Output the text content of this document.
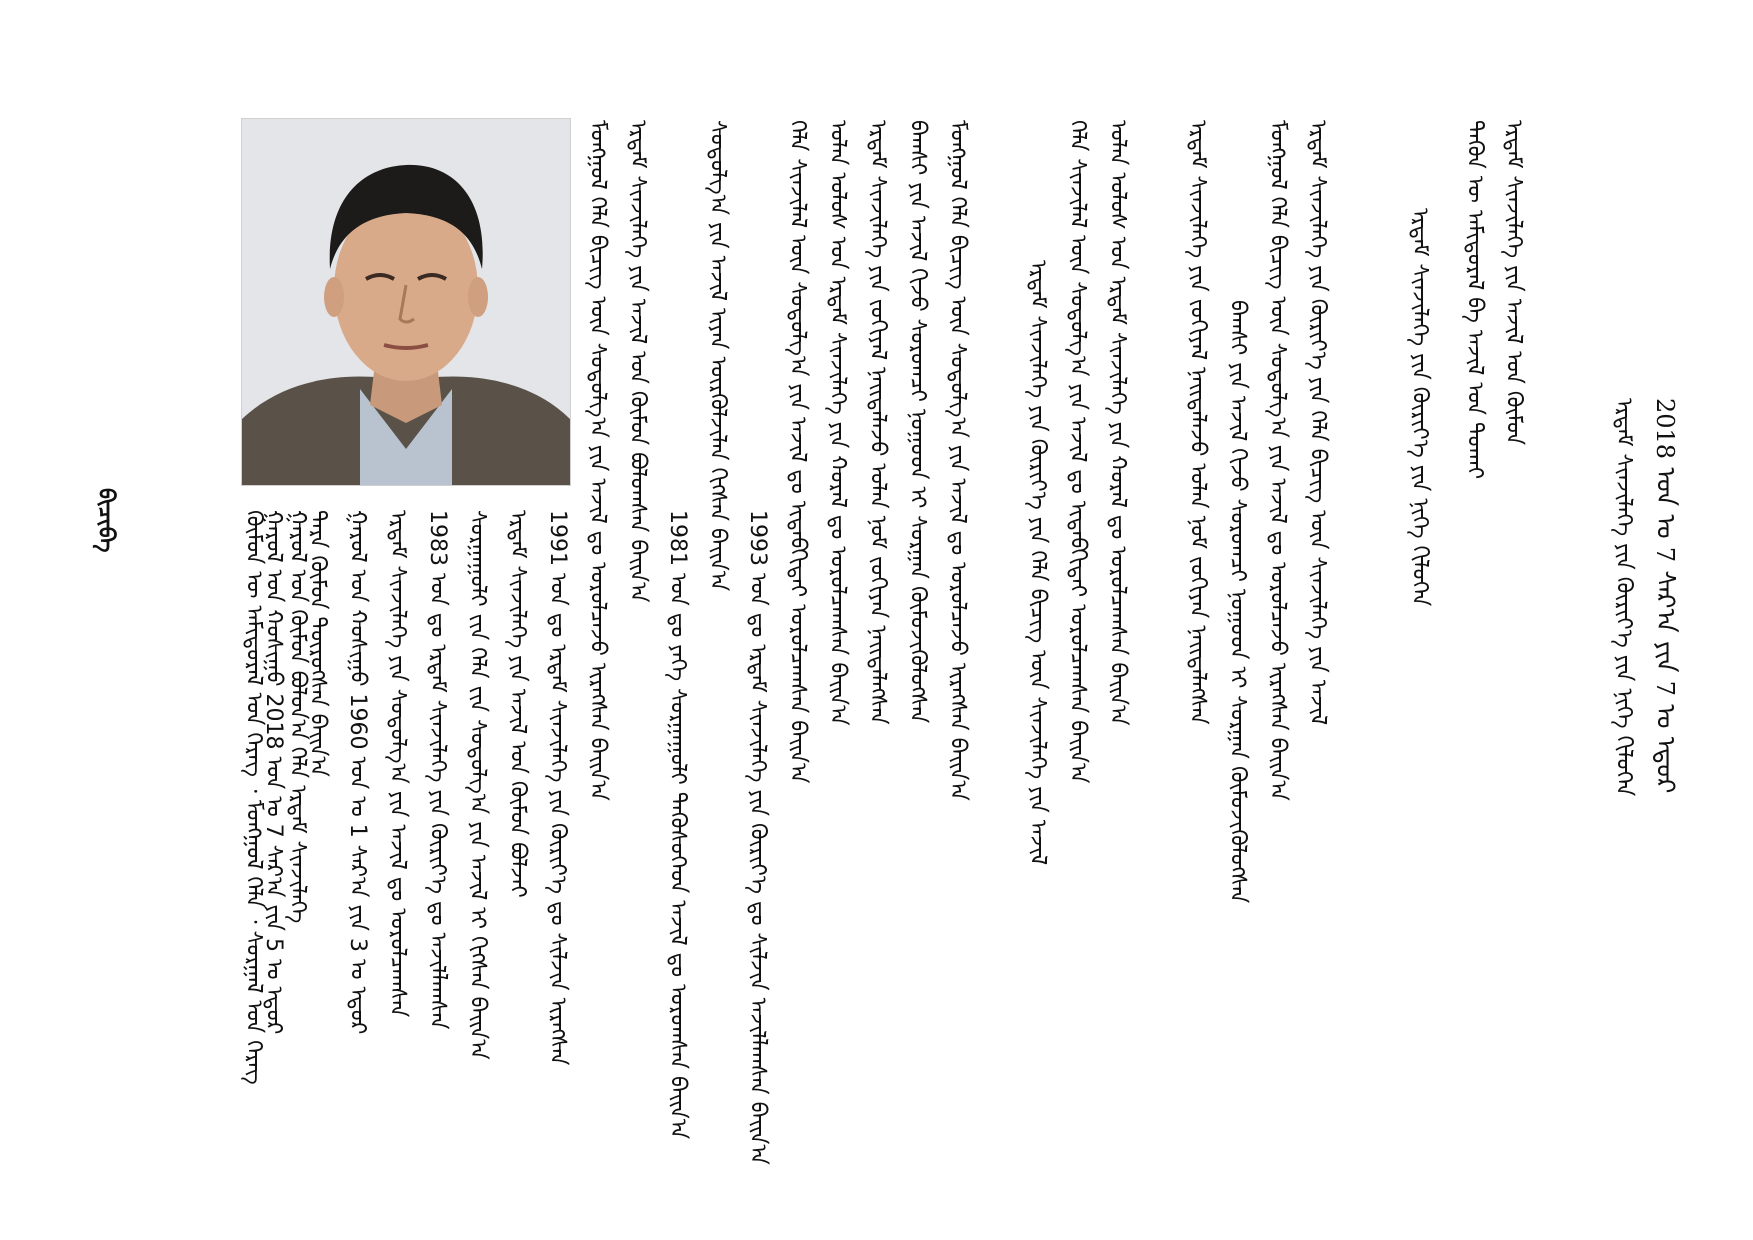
2018 ᠣᠨ ᠤ 7 ᠰᠠᠷ᠎ᠠ ᠶᠢᠨ 7 ᠤ ᠡᠳᠦᠷ
ᠡᠷᠳᠡᠮ ᠰᠢᠨᠵᠢᠯᠡᠭᠡ ᠶᠢᠨ ᠬᠦᠷᠢᠶ᠎ᠡ ᠶᠢᠨ ᠨᠢᠭᠡ ᠬᠢᠯᠦᠭᠡᠨ
ᠡᠷᠳᠡᠮ ᠰᠢᠨᠵᠢᠯᠡᠭᠡ ᠶᠢᠨ ᠠᠵᠢᠯ ᠤᠨ ᠬᠦᠮᠦᠨ
ᠲᠡᠭᠦᠨ ᠦ ᠠᠮᠢᠳᠤᠷᠠᠯ ᠪᠠ ᠠᠵᠢᠯ ᠤᠨ ᠲᠤᠬᠠᠢ
ᠡᠷᠳᠡᠮ ᠰᠢᠨᠵᠢᠯᠡᠭᠡ ᠶᠢᠨ ᠬᠦᠷᠢᠶ᠎ᠡ ᠶᠢᠨ ᠨᠢᠭᠡ ᠬᠢᠯᠦᠭᠡᠨ
ᠡᠷᠳᠡᠮ ᠰᠢᠨᠵᠢᠯᠡᠭᠡ ᠶᠢᠨ ᠬᠦᠷᠢᠶ᠎ᠡ ᠶᠢᠨ ᠬᠡᠯᠡ ᠪᠢᠴᠢᠭ ᠦᠨ ᠰᠢᠨᠵᠢᠯᠡᠭᠡ ᠶᠢᠨ ᠠᠵᠢᠯ
ᠮᠣᠩᠭᠣᠯ ᠬᠡᠯᠡ ᠪᠢᠴᠢᠭ ᠦᠨ ᠰᠤᠳᠤᠯᠭ᠎ᠠ ᠶᠢᠨ ᠠᠵᠢᠯ ᠳᠤ ᠣᠷᠣᠯᠴᠠᠵᠤ ᠢᠷᠡᠭᠰᠡᠨ ᠪᠠᠢᠨ᠎ᠠ
ᠪᠠᠭᠰᠢ ᠶᠢᠨ ᠠᠵᠢᠯ ᠬᠢᠵᠦ ᠰᠤᠷᠤᠭᠴᠢ ᠨᠤᠭᠤᠳ ᠢ ᠰᠤᠷᠭᠠᠨ ᠬᠦᠮᠦᠵᠢᠭᠦᠯᠦᠭᠰᠡᠨ
ᠡᠷᠳᠡᠮ ᠰᠢᠨᠵᠢᠯᠡᠭᠡ ᠶᠢᠨ ᠵᠣᠬᠢᠶᠠᠯ ᠨᠡᠢᠲᠡᠯᠡᠵᠦ ᠣᠯᠠᠨ ᠨᠣᠮ ᠵᠣᠬᠢᠶᠠᠨ ᠨᠡᠢᠲᠡᠯᠡᠭᠰᠡᠨ
ᠣᠯᠠᠨ ᠤᠯᠤᠰ ᠤᠨ ᠡᠷᠳᠡᠮ ᠰᠢᠨᠵᠢᠯᠡᠭᠡ ᠶᠢᠨ ᠬᠤᠷᠠᠯ ᠳᠤ ᠣᠷᠣᠯᠴᠠᠭᠰᠠᠨ ᠪᠠᠢᠨ᠎ᠠ
ᠬᠡᠯᠡ ᠰᠢᠨᠵᠢᠯᠡᠯ ᠦᠨ ᠰᠤᠳᠤᠯᠭ᠎ᠠ ᠶᠢᠨ ᠠᠵᠢᠯ ᠳᠤ ᠢᠳᠡᠪᠬᠢᠲᠡᠢ ᠣᠷᠣᠯᠴᠠᠭᠰᠠᠨ ᠪᠠᠢᠨ᠎ᠠ
ᠡᠷᠳᠡᠮ ᠰᠢᠨᠵᠢᠯᠡᠭᠡ ᠶᠢᠨ ᠬᠦᠷᠢᠶ᠎ᠡ ᠶᠢᠨ ᠬᠡᠯᠡ ᠪᠢᠴᠢᠭ ᠦᠨ ᠰᠢᠨᠵᠢᠯᠡᠭᠡ ᠶᠢᠨ ᠠᠵᠢᠯ
ᠮᠣᠩᠭᠣᠯ ᠬᠡᠯᠡ ᠪᠢᠴᠢᠭ ᠦᠨ ᠰᠤᠳᠤᠯᠭ᠎ᠠ ᠶᠢᠨ ᠠᠵᠢᠯ ᠳᠤ ᠣᠷᠣᠯᠴᠠᠵᠤ ᠢᠷᠡᠭᠰᠡᠨ ᠪᠠᠢᠨ᠎ᠠ
ᠪᠠᠭᠰᠢ ᠶᠢᠨ ᠠᠵᠢᠯ ᠬᠢᠵᠦ ᠰᠤᠷᠤᠭᠴᠢ ᠨᠤᠭᠤᠳ ᠢ ᠰᠤᠷᠭᠠᠨ ᠬᠦᠮᠦᠵᠢᠭᠦᠯᠦᠭᠰᠡᠨ
ᠡᠷᠳᠡᠮ ᠰᠢᠨᠵᠢᠯᠡᠭᠡ ᠶᠢᠨ ᠵᠣᠬᠢᠶᠠᠯ ᠨᠡᠢᠲᠡᠯᠡᠵᠦ ᠣᠯᠠᠨ ᠨᠣᠮ ᠵᠣᠬᠢᠶᠠᠨ ᠨᠡᠢᠲᠡᠯᠡᠭᠰᠡᠨ
ᠣᠯᠠᠨ ᠤᠯᠤᠰ ᠤᠨ ᠡᠷᠳᠡᠮ ᠰᠢᠨᠵᠢᠯᠡᠭᠡ ᠶᠢᠨ ᠬᠤᠷᠠᠯ ᠳᠤ ᠣᠷᠣᠯᠴᠠᠭᠰᠠᠨ ᠪᠠᠢᠨ᠎ᠠ
ᠬᠡᠯᠡ ᠰᠢᠨᠵᠢᠯᠡᠯ ᠦᠨ ᠰᠤᠳᠤᠯᠭ᠎ᠠ ᠶᠢᠨ ᠠᠵᠢᠯ ᠳᠤ ᠢᠳᠡᠪᠬᠢᠲᠡᠢ ᠣᠷᠣᠯᠴᠠᠭᠰᠠᠨ ᠪᠠᠢᠨ᠎ᠠ
1993 ᠣᠨ ᠳᠤ ᠡᠷᠳᠡᠮ ᠰᠢᠨᠵᠢᠯᠡᠭᠡ ᠶᠢᠨ ᠬᠦᠷᠢᠶ᠎ᠡ ᠳᠤ ᠰᠢᠯᠵᠢᠨ ᠠᠵᠢᠯᠯᠠᠭᠰᠠᠨ ᠪᠠᠢᠨ᠎ᠠ
ᠰᠤᠳᠤᠯᠭ᠎ᠠ ᠶᠢᠨ ᠠᠵᠢᠯ ᠢᠶᠠᠨ ᠦᠷᠭᠦᠯᠵᠢᠯᠡᠨ ᠬᠢᠭᠰᠡᠨ ᠪᠠᠢᠨ᠎ᠠ
1981 ᠣᠨ ᠳᠤ ᠶᠡᠬᠡ ᠰᠤᠷᠭᠠᠭᠤᠯᠢ ᠲᠡᠭᠦᠰᠦᠭᠡᠳ ᠠᠵᠢᠯ ᠳᠤ ᠣᠷᠣᠭᠰᠠᠨ ᠪᠠᠢᠨ᠎ᠠ
ᠡᠷᠳᠡᠮ ᠰᠢᠨᠵᠢᠯᠡᠭᠡ ᠶᠢᠨ ᠠᠵᠢᠯ ᠤᠨ ᠬᠦᠮᠦᠨ ᠪᠣᠯᠤᠭᠰᠠᠨ ᠪᠠᠢᠨ᠎ᠠ
ᠮᠣᠩᠭᠣᠯ ᠬᠡᠯᠡ ᠪᠢᠴᠢᠭ ᠦᠨ ᠰᠤᠳᠤᠯᠭ᠎ᠠ ᠶᠢᠨ ᠠᠵᠢᠯ ᠳᠤ ᠣᠷᠣᠯᠴᠠᠵᠤ ᠢᠷᠡᠭᠰᠡᠨ ᠪᠠᠢᠨ᠎ᠠ
1991 ᠣᠨ ᠳᠤ ᠡᠷᠳᠡᠮ ᠰᠢᠨᠵᠢᠯᠡᠭᠡ ᠶᠢᠨ ᠬᠦᠷᠢᠶ᠎ᠡ ᠳᠤ ᠰᠢᠯᠵᠢᠨ ᠢᠷᠡᠭᠰᠡᠨ
ᠡᠷᠳᠡᠮ ᠰᠢᠨᠵᠢᠯᠡᠭᠡ ᠶᠢᠨ ᠠᠵᠢᠯ ᠤᠨ ᠬᠦᠮᠦᠨ ᠪᠣᠯᠵᠠᠢ
ᠰᠤᠷᠭᠠᠭᠤᠯᠢ ᠵᠢᠨ ᠬᠡᠯᠡ ᠵᠢᠨ ᠰᠤᠳᠤᠯᠭ᠎ᠠ ᠶᠢᠨ ᠠᠵᠢᠯ ᠢ ᠬᠢᠭᠰᠡᠨ ᠪᠠᠢᠨ᠎ᠠ
1983 ᠣᠨ ᠳᠤ ᠡᠷᠳᠡᠮ ᠰᠢᠨᠵᠢᠯᠡᠭᠡ ᠶᠢᠨ ᠬᠦᠷᠢᠶ᠎ᠡ ᠳᠤ ᠠᠵᠢᠯᠯᠠᠭᠰᠠᠨ
ᠡᠷᠳᠡᠮ ᠰᠢᠨᠵᠢᠯᠡᠭᠡ ᠶᠢᠨ ᠰᠤᠳᠤᠯᠭ᠎ᠠ ᠶᠢᠨ ᠠᠵᠢᠯ ᠳᠤ ᠣᠷᠣᠯᠴᠠᠭᠰᠠᠨ
ᠭᠠᠷᠤᠯ ᠤᠨ ᠬᠤᠰᠢᠭᠤ 1960 ᠣᠨ ᠤ 1 ᠰᠠᠷ᠎ᠠ ᠶᠢᠨ 3 ᠤ ᠡᠳᠦᠷ
ᠲᠡᠷᠡ ᠬᠦᠮᠦᠨ ᠲᠥᠷᠦᠭᠰᠡᠨ ᠪᠠᠢᠨ᠎ᠠ
ᠭᠠᠷᠤᠯ ᠤᠨ ᠬᠦᠮᠦᠨ ᠪᠣᠯᠤᠨ᠎ᠠ ᠬᠡᠯᠡ ᠡᠷᠳᠡᠮ ᠰᠢᠨᠵᠢᠯᠡᠭᠡ
ᠭᠠᠷᠤᠯ ᠤᠨ ᠬᠤᠰᠢᠭᠤ 2018 ᠣᠨ ᠤ 7 ᠰᠠᠷ᠎ᠠ ᠶᠢᠨ 5 ᠤ ᠡᠳᠦᠷ
ᠬᠦᠮᠦᠨ ᠦ ᠠᠮᠢᠳᠤᠷᠠᠯ ᠤᠨ ᠬᠡᠷᠡᠭ ᠂ ᠮᠣᠩᠭᠣᠯ ᠬᠡᠯᠡ ᠂ ᠰᠤᠷᠭᠠᠯ ᠤᠨ ᠬᠡᠷᠡᠭ
ᠪᠢᠴᠢᠪᠡ
